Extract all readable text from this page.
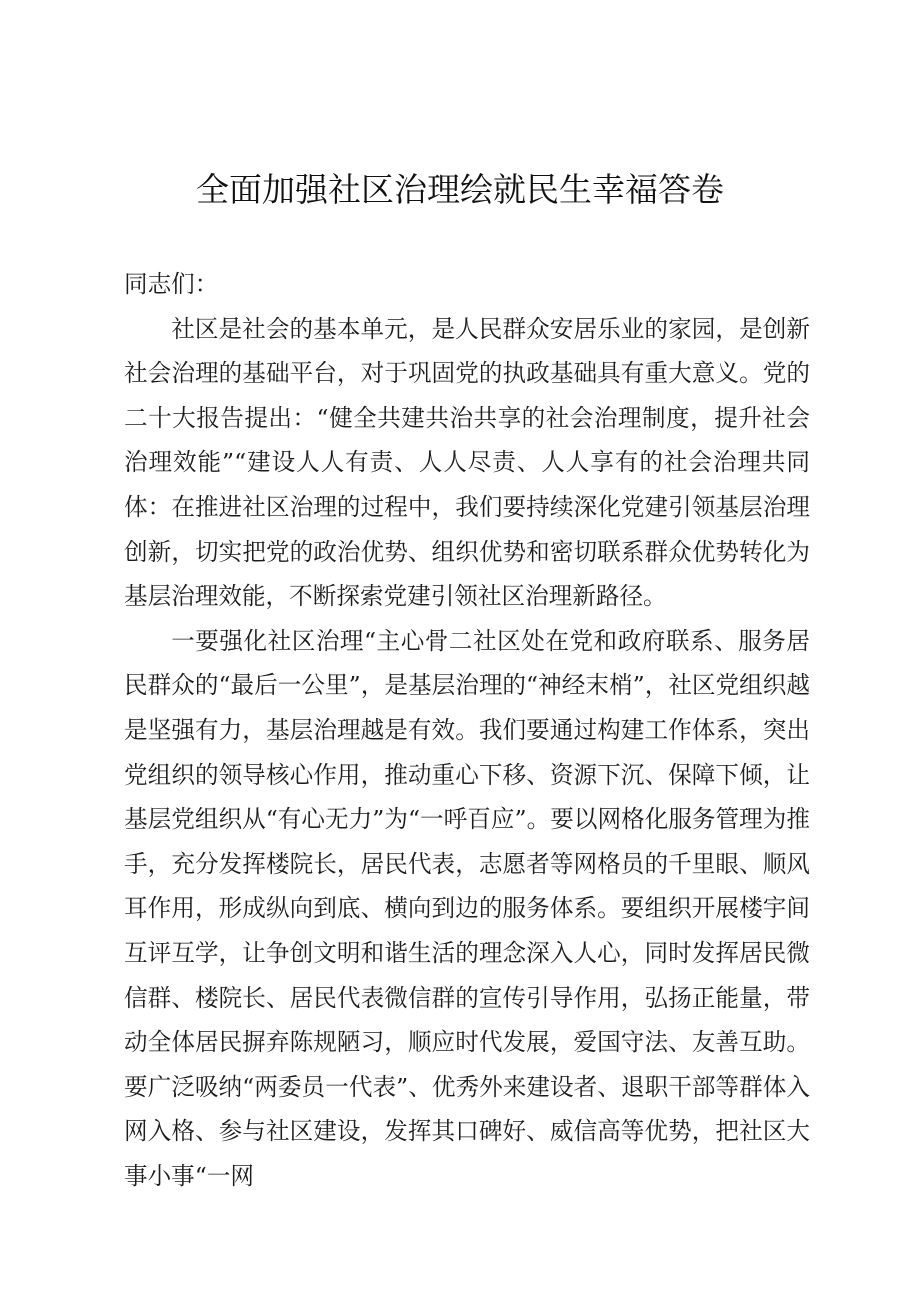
全面加强社区治理绘就民生幸福答卷

同志们：

社区是社会的基本单元，是人民群众安居乐业的家园，是创新社会治理的基础平台，对于巩固党的执政基础具有重大意义。党的二十大报告提出：“健全共建共治共享的社会治理制度，提升社会治理效能”“建设人人有责、人人尽责、人人享有的社会治理共同体：在推进社区治理的过程中，我们要持续深化党建引领基层治理创新，切实把党的政治优势、组织优势和密切联系群众优势转化为基层治理效能，不断探索党建引领社区治理新路径。

一要强化社区治理“主心骨二社区处在党和政府联系、服务居民群众的“最后一公里”，是基层治理的“神经末梢”，社区党组织越是坚强有力，基层治理越是有效。我们要通过构建工作体系，突出党组织的领导核心作用，推动重心下移、资源下沉、保障下倾，让基层党组织从“有心无力”为“一呼百应”。要以网格化服务管理为推手，充分发挥楼院长，居民代表，志愿者等网格员的千里眼、顺风耳作用，形成纵向到底、横向到边的服务体系。要组织开展楼宇间互评互学，让争创文明和谐生活的理念深入人心，同时发挥居民微信群、楼院长、居民代表微信群的宣传引导作用，弘扬正能量，带动全体居民摒弃陈规陋习，顺应时代发展，爱国守法、友善互助。要广泛吸纳“两委员一代表”、优秀外来建设者、退职干部等群体入网入格、参与社区建设，发挥其口碑好、威信高等优势，把社区大事小事“一网
